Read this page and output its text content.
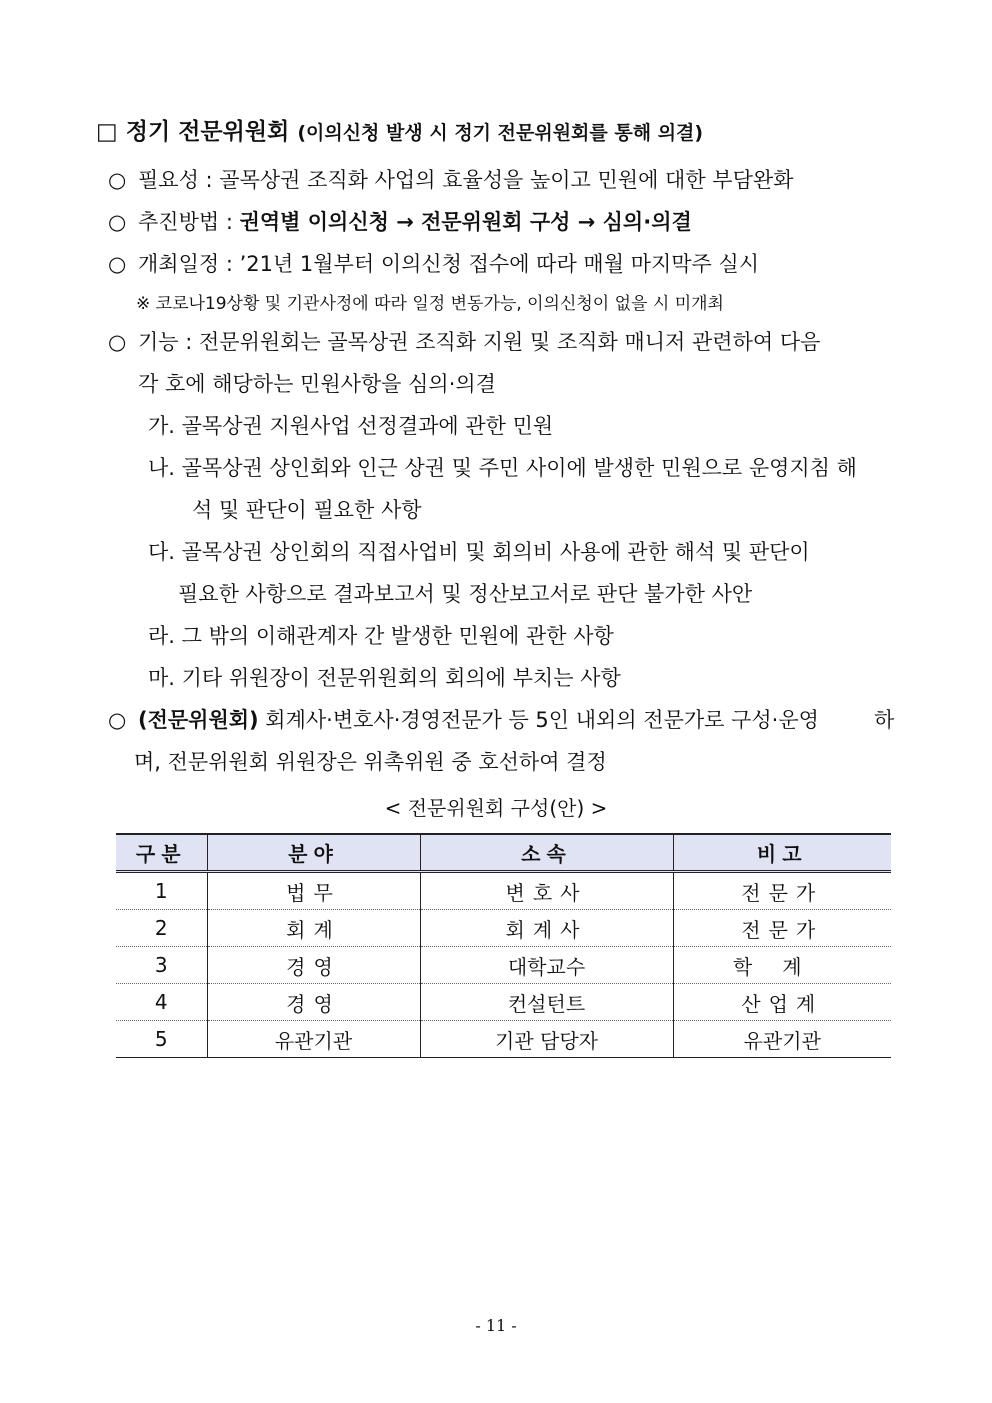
□ 정기 전문위원회 (이의신청 발생 시 정기 전문위원회를 통해 의결)
○ 필요성 : 골목상권 조직화 사업의 효율성을 높이고 민원에 대한 부담완화
○ 추진방법 : 권역별 이의신청 → 전문위원회 구성 → 심의·의결
○ 개최일정 : ’21년 1월부터 이의신청 접수에 따라 매월 마지막주 실시
※ 코로나19상황 및 기관사정에 따라 일정 변동가능, 이의신청이 없을 시 미개최
○ 기능 : 전문위원회는 골목상권 조직화 지원 및 조직화 매니저 관련하여 다음
각 호에 해당하는 민원사항을 심의·의결
가. 골목상권 지원사업 선정결과에 관한 민원
나. 골목상권 상인회와 인근 상권 및 주민 사이에 발생한 민원으로 운영지침 해
석 및 판단이 필요한 사항
다. 골목상권 상인회의 직접사업비 및 회의비 사용에 관한 해석 및 판단이
필요한 사항으로 결과보고서 및 정산보고서로 판단 불가한 사안
라. 그 밖의 이해관계자 간 발생한 민원에 관한 사항
마. 기타 위원장이 전문위원회의 회의에 부치는 사항
○ (전문위원회) 회계사·변호사·경영전문가 등 5인 내외의 전문가로 구성·운영	하
며, 전문위원회 위원장은 위촉위원 중 호선하여 결정
< 전문위원회 구성(안) >
구분	분야	소속	비고
1	법무	변호사	전문가
2	회계	회계사	전문가
3	경영	대학교수	학계
4	경영	컨설턴트	산업계
5	유관기관	기관 담당자	유관기관
- 11 -
